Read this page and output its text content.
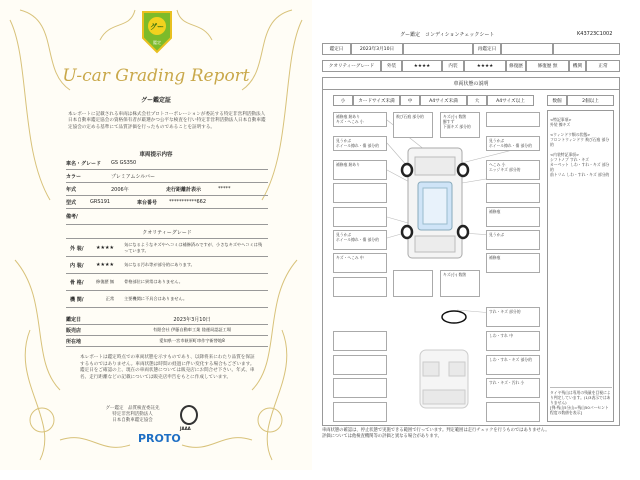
グー
鑑定
U-car Grading Report
グー鑑定証
本レポートに記載される車両は株式会社プロトコーポレーションが委託する特定非営利活動法人日本自動車鑑定協会の資格保有者が厳選かつ公平な検査を行い特定非営利活動法人日本自動車鑑定協会の定める基準にて品質評価を行ったものであることを証明する。
車両提示内容
車名・グレード	GS GS350
カラー	プレミアムシルバー
年式	2006年	走行距離計表示	*****
型式	GRS191	車台番号	***********662
備考/
クオリティーグレード
外 装/	★★★★
気になるようなキズやヘコミは補修済みですが、小さなキズやヘコミは残っています。
内 装/	★★★★	気になる汚れ等が部分的にあります。
骨 格/	修復歴 無	骨格部位に異常はありません。
機 関/	正常	主要機関に不具合はありません。
鑑定日	2023年3月10日
販売店	有限会社 伊藤自動車工業 陸運局認証工場
所在地	愛知県一宮市萩原町串作字新替地8
本レポートは鑑定時点での車両状態を示すものであり、以降将来にわたり品質を保証するものではありません。車両状態は時間の経過に伴い変化する場合もございます。鑑定日をご確認の上、現在の車両状態については販売店にお問合せ下さい。年式、車名、走行距離などの記載については販売店申告をもとに作成しています。
グー鑑定　品質検査委託先
特定非営利活動法人
日本自動車鑑定協会
JAAA
PROTO
グー鑑定　コンディションチェックシート	K43723C1002
鑑定日	2023年3月10日	再鑑定日
クオリティーグレード	外装	★★★★	内装	★★★★	修復歴	修復歴 無	機関	正常
車両状態の説明
小	カードサイズ未満	中	A4サイズ未満	大	A4サイズ以上	数個	2個以上
補修痕 跡あり
キズ・へこみ 小
見うかぶ
ホイール擦れ・傷 部分的
補修痕 跡あり
見うかぶ
ホイール擦れ・傷 部分的
キズ・へこみ 中
飛び石痕 部分的	キズ(小) 数箇
膨すず
下面キズ 部分的
キズ(小) 数箇
見うかぶ
ホイール擦れ・傷 部分的
へこみ 小
エッジキズ 部分的
補修痕
見うかぶ
補修痕
すれ・キズ 部分的
しわ・すれ 中
しわ・すれ・キズ 部分的
すれ・キズ・汚れ 小

<特記事項>
外装 擦キズ

<ウィンドウ類の状態>
フロントウィンドウ 飛び石痕 部分的

<内装特記事項>
シフトノブ すれ・キズ
カーペット しわ・すれ・キズ 部分的
前トリム しわ・すれ・キズ 部分的

タイヤ残山は専用の残量を目視により判定しています。(1/3表示ではありません)
[例:残山5分山=残山50パーセント程度の数値を表示]

車両状態の確認は、停止状態で実施できる範囲で行っています。判定範囲は走行チェックを行うものではありません。
評価については他検査機関等の評価と異なる場合があります。
